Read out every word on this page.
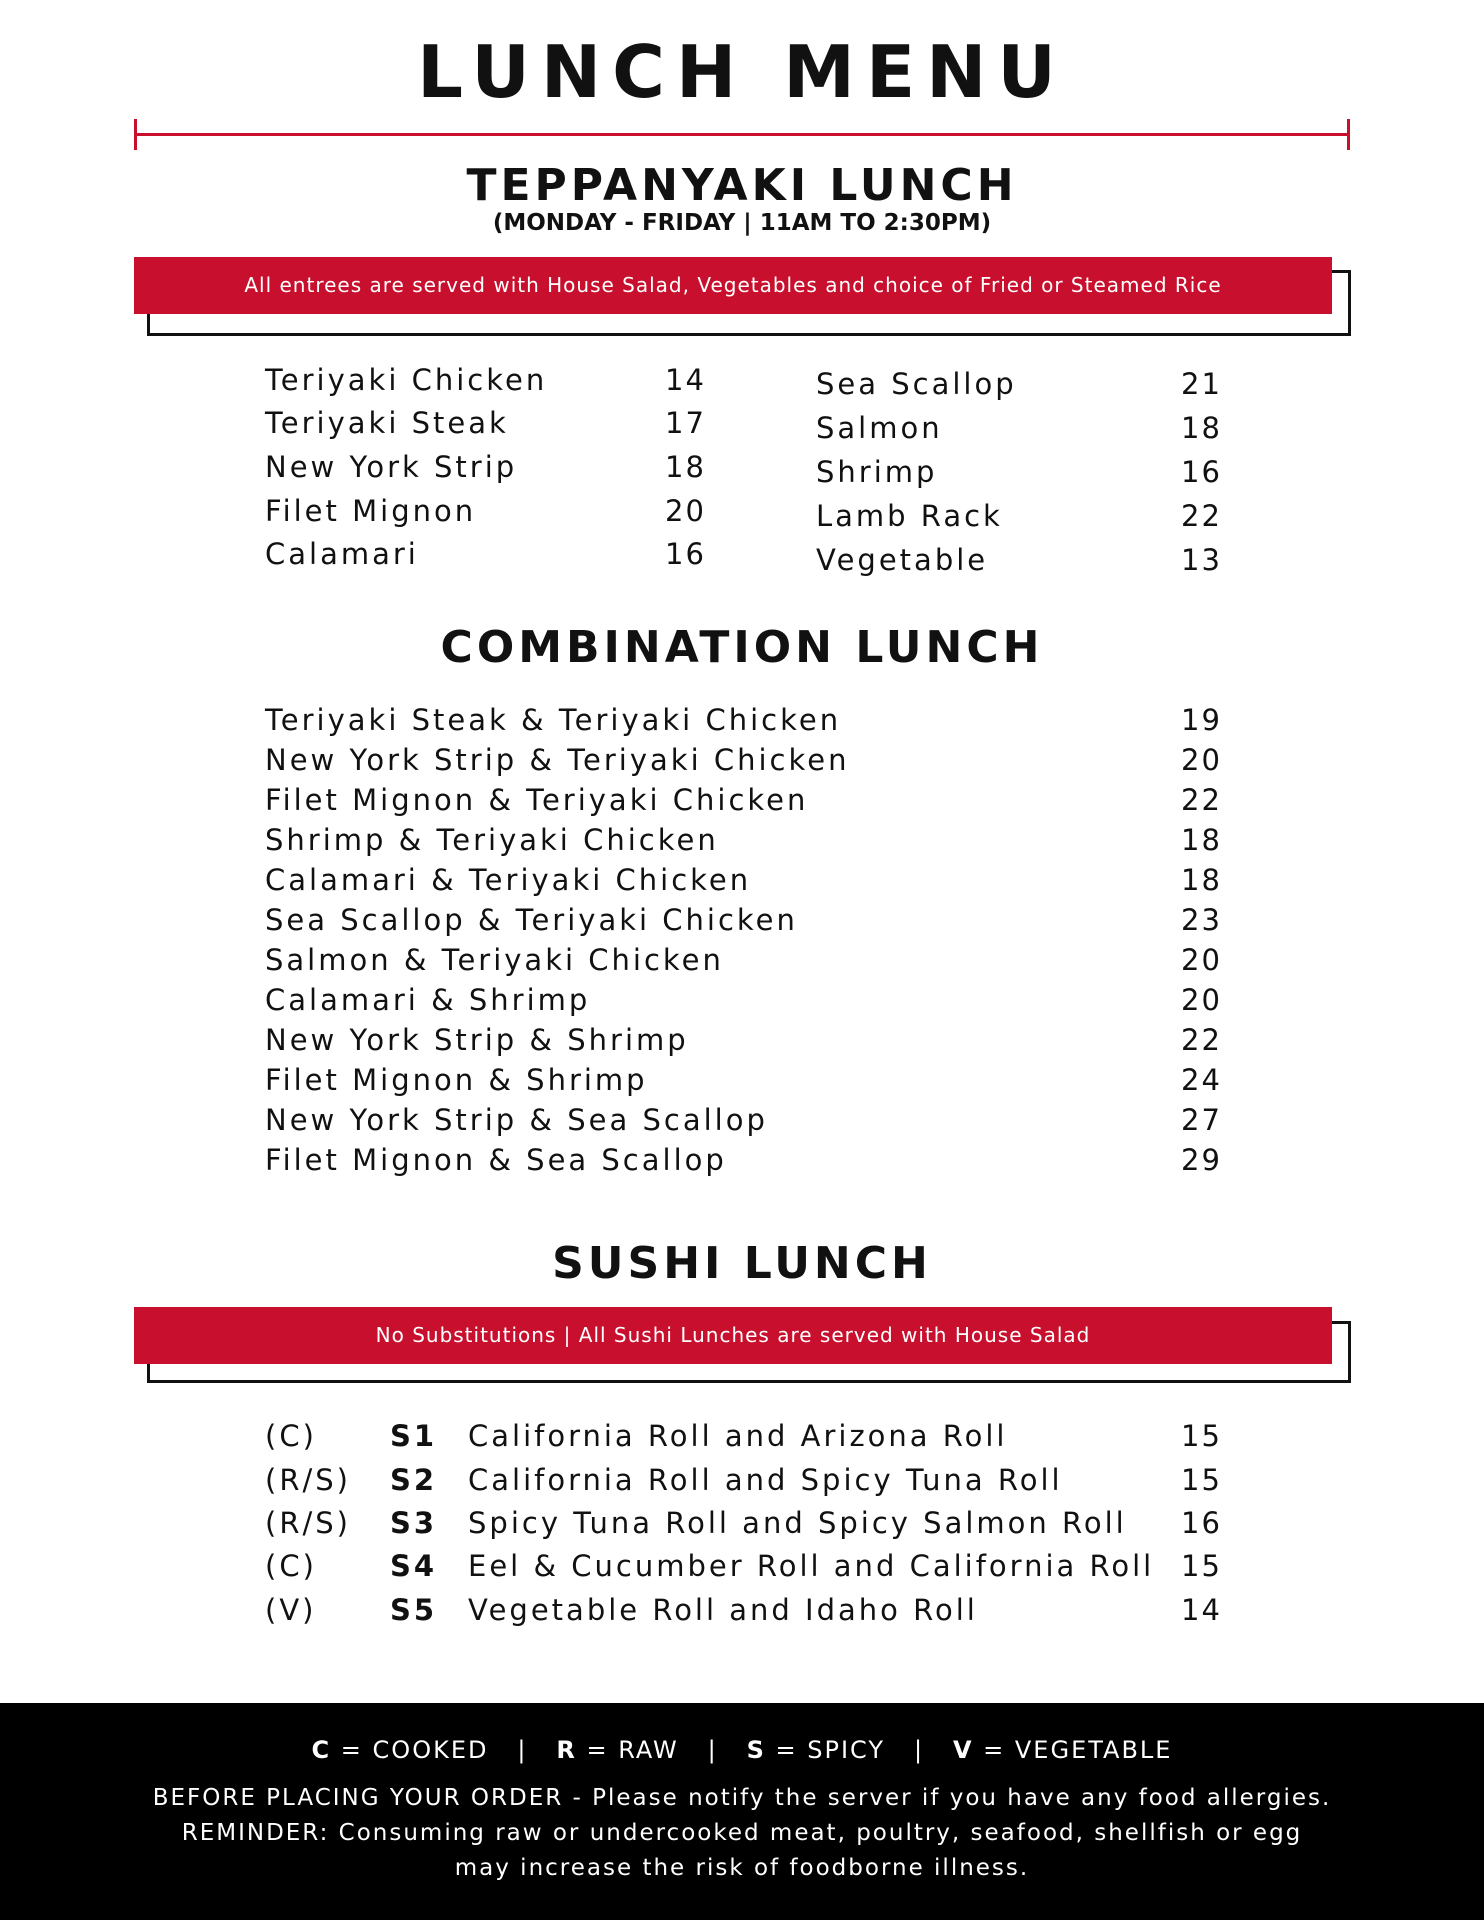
LUNCH MENU
TEPPANYAKI LUNCH
(MONDAY - FRIDAY | 11AM TO 2:30PM)
All entrees are served with House Salad, Vegetables and choice of Fried or Steamed Rice
Teriyaki Chicken	14
Teriyaki Steak	17
New York Strip	18
Filet Mignon	20
Calamari	16
Sea Scallop	21
Salmon	18
Shrimp	16
Lamb Rack	22
Vegetable	13
COMBINATION LUNCH
Teriyaki Steak & Teriyaki Chicken	19
New York Strip & Teriyaki Chicken	20
Filet Mignon & Teriyaki Chicken	22
Shrimp & Teriyaki Chicken	18
Calamari & Teriyaki Chicken	18
Sea Scallop & Teriyaki Chicken	23
Salmon & Teriyaki Chicken	20
Calamari & Shrimp	20
New York Strip & Shrimp	22
Filet Mignon & Shrimp	24
New York Strip & Sea Scallop	27
Filet Mignon & Sea Scallop	29
SUSHI LUNCH
No Substitutions | All Sushi Lunches are served with House Salad
(C)	S1 California Roll and Arizona Roll	15
(R/S) S2 California Roll and Spicy Tuna Roll	15
(R/S) S3 Spicy Tuna Roll and Spicy Salmon Roll 16
(C)	S4 Eel & Cucumber Roll and California Roll 15
(V)	S5 Vegetable Roll and Idaho Roll	14
C = COOKED | R = RAW | S = SPICY | V = VEGETABLE
BEFORE PLACING YOUR ORDER - Please notify the server if you have any food allergies.
REMINDER: Consuming raw or undercooked meat, poultry, seafood, shellfish or egg
may increase the risk of foodborne illness.
